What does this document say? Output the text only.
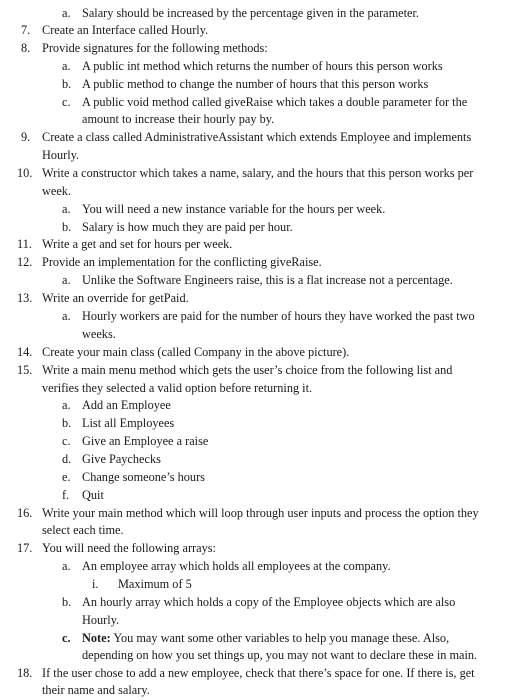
a. Salary should be increased by the percentage given in the parameter.
7. Create an Interface called Hourly.
8. Provide signatures for the following methods:
a. A public int method which returns the number of hours this person works
b. A public method to change the number of hours that this person works
c. A public void method called giveRaise which takes a double parameter for the
amount to increase their hourly pay by.
9. Create a class called AdministrativeAssistant which extends Employee and implements
Hourly.
10. Write a constructor which takes a name, salary, and the hours that this person works per
week.
a. You will need a new instance variable for the hours per week.
b. Salary is how much they are paid per hour.
11. Write a get and set for hours per week.
12. Provide an implementation for the conflicting giveRaise.
a. Unlike the Software Engineers raise, this is a flat increase not a percentage.
13. Write an override for getPaid.
a. Hourly workers are paid for the number of hours they have worked the past two
weeks.
14. Create your main class (called Company in the above picture).
15. Write a main menu method which gets the user’s choice from the following list and
verifies they selected a valid option before returning it.
a. Add an Employee
b. List all Employees
c. Give an Employee a raise
d. Give Paychecks
e. Change someone’s hours
f. Quit
16. Write your main method which will loop through user inputs and process the option they
select each time.
17. You will need the following arrays:
a. An employee array which holds all employees at the company.
i. Maximum of 5
b. An hourly array which holds a copy of the Employee objects which are also
Hourly.
c. Note: You may want some other variables to help you manage these. Also,
depending on how you set things up, you may not want to declare these in main.
18. If the user chose to add a new employee, check that there’s space for one. If there is, get
their name and salary.
